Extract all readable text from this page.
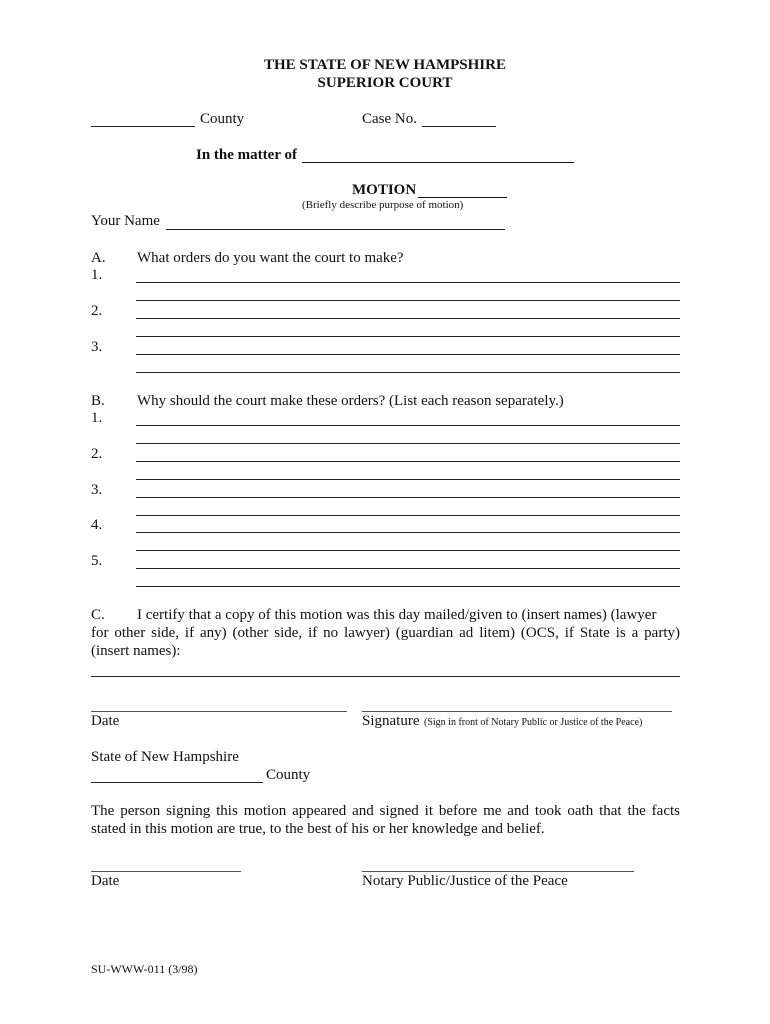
THE STATE OF NEW HAMPSHIRE
SUPERIOR COURT
County	Case No.
In the matter of
MOTION
(Briefly describe purpose of motion)
Your Name
A. What orders do you want the court to make?
1.
2.
3.
B. Why should the court make these orders? (List each reason separately.)
1.
2.
3.
4.
5.
C. I certify that a copy of this motion was this day mailed/given to (insert names) (lawyer
for other side, if any) (other side, if no lawyer) (guardian ad litem) (OCS, if State is a party)
(insert names):
Date	Signature (Sign in front of Notary Public or Justice of the Peace)
State of New Hampshire
County
The person signing this motion appeared and signed it before me and took oath that the facts
stated in this motion are true, to the best of his or her knowledge and belief.
Date	Notary Public/Justice of the Peace
SU-WWW-011 (3/98)
